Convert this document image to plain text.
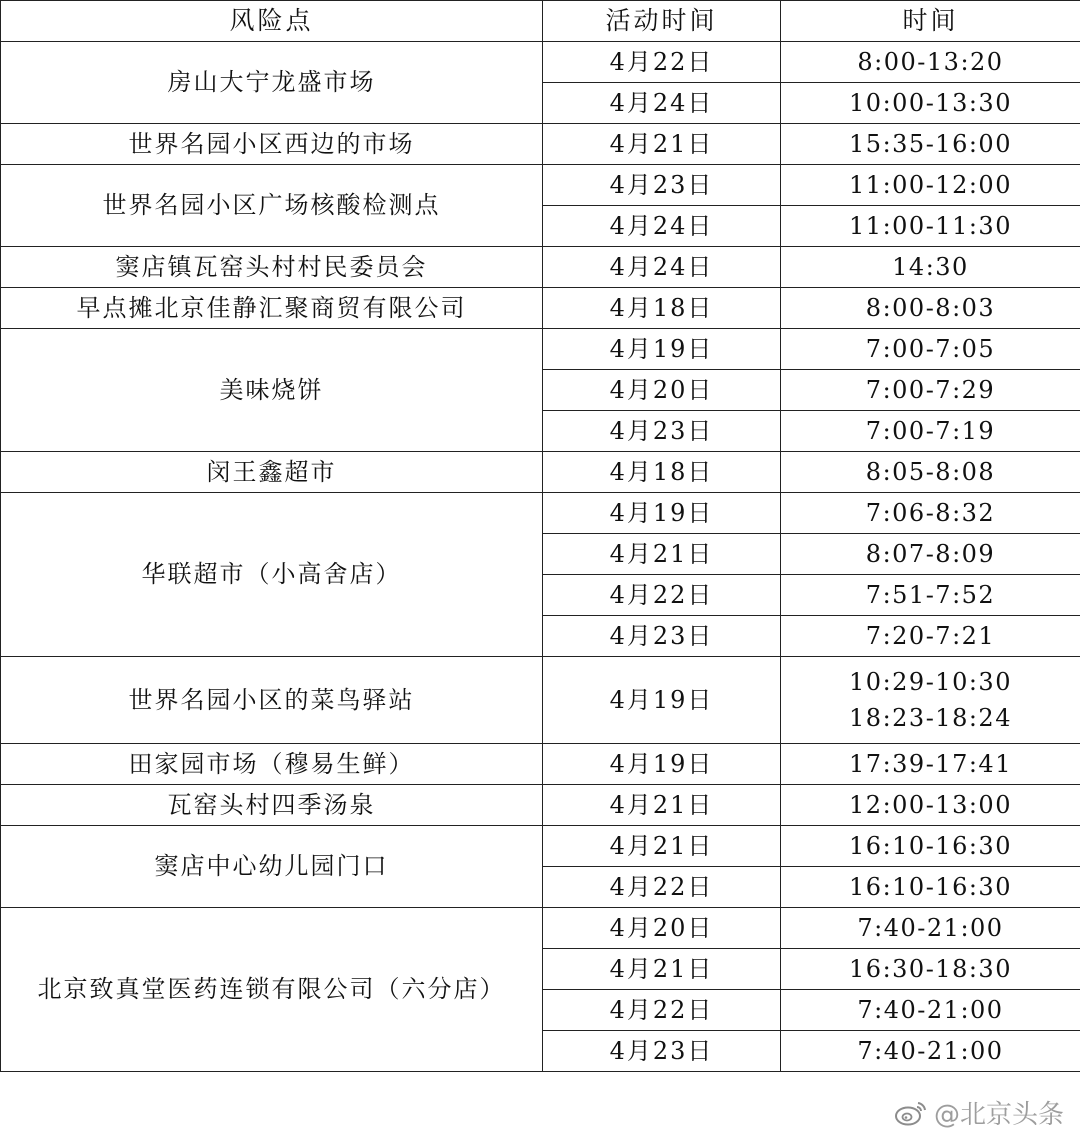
风险点	活动时间	时间
房山大宁龙盛市场	4月22日	8:00-13:20

	4月24日	10:00-13:30

世界名园小区西边的市场	4月21日	15:35-16:00

世界名园小区广场核酸检测点	4月23日	11:00-12:00

	4月24日	11:00-11:30

窦店镇瓦窑头村村民委员会	4月24日	14:30

早点摊北京佳静汇聚商贸有限公司	4月18日	8:00-8:03

美味烧饼	4月19日	7:00-7:05

	4月20日	7:00-7:29

	4月23日	7:00-7:19

闵王鑫超市	4月18日	8:05-8:08

华联超市（小高舍店）	4月19日	7:06-8:32

	4月21日	8:07-8:09

	4月22日	7:51-7:52

	4月23日	7:20-7:21

世界名园小区的菜鸟驿站	4月19日	10:29-10:30
18:23-18:24

田家园市场（穆易生鲜）	4月19日	17:39-17:41

瓦窑头村四季汤泉	4月21日	12:00-13:00

窦店中心幼儿园门口	4月21日	16:10-16:30

	4月22日	16:10-16:30

北京致真堂医药连锁有限公司（六分店）	4月20日	7:40-21:00

	4月21日	16:30-18:30

	4月22日	7:40-21:00

	4月23日	7:40-21:00
@北京头条
